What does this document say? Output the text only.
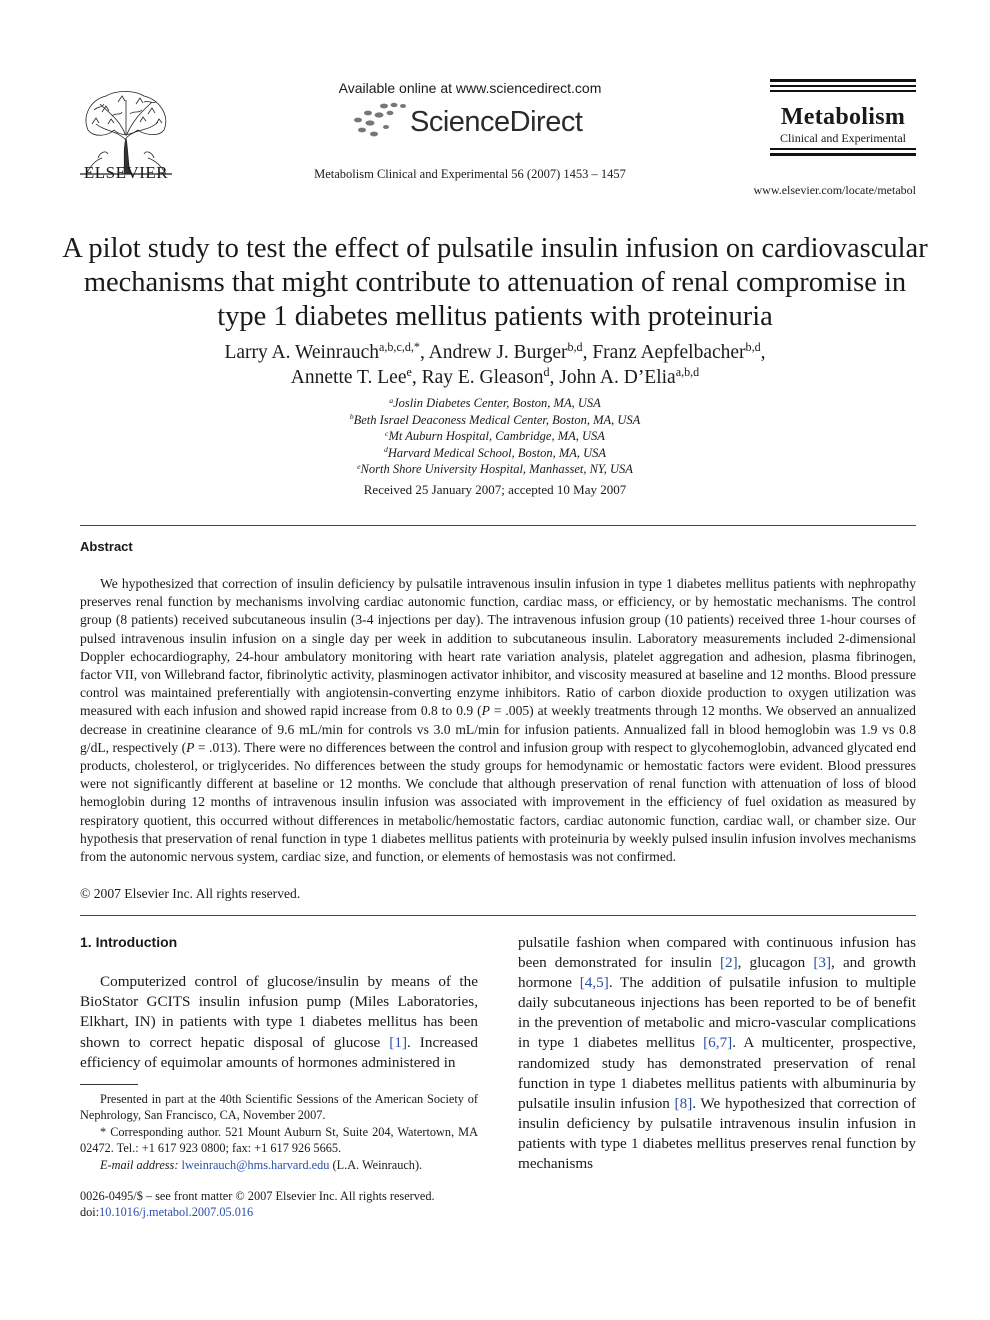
ELSEVIER
Available online at www.sciencedirect.com
ScienceDirect
Metabolism Clinical and Experimental 56 (2007) 1453 – 1457
Metabolism
Clinical and Experimental
www.elsevier.com/locate/metabol
A pilot study to test the effect of pulsatile insulin infusion on cardiovascular mechanisms that might contribute to attenuation of renal compromise in type 1 diabetes mellitus patients with proteinuria
Larry A. Weinrauch$^{a,b,c,d,*}$, Andrew J. Burger$^{b,d}$, Franz Aepfelbacher$^{b,d}$,
Annette T. Lee$^e$, Ray E. Gleason$^d$, John A. D’Elia$^{a,b,d}$
$^a$Joslin Diabetes Center, Boston, MA, USA
$^b$Beth Israel Deaconess Medical Center, Boston, MA, USA
$^c$Mt Auburn Hospital, Cambridge, MA, USA
$^d$Harvard Medical School, Boston, MA, USA
$^e$North Shore University Hospital, Manhasset, NY, USA
Received 25 January 2007; accepted 10 May 2007
Abstract
We hypothesized that correction of insulin deficiency by pulsatile intravenous insulin infusion in type 1 diabetes mellitus patients with nephropathy preserves renal function by mechanisms involving cardiac autonomic function, cardiac mass, or efficiency, or by hemostatic mechanisms. The control group (8 patients) received subcutaneous insulin (3-4 injections per day). The intravenous infusion group (10 patients) received three 1-hour courses of pulsed intravenous insulin infusion on a single day per week in addition to subcutaneous insulin. Laboratory measurements included 2-dimensional Doppler echocardiography, 24-hour ambulatory monitoring with heart rate variation analysis, platelet aggregation and adhesion, plasma fibrinogen, factor VII, von Willebrand factor, fibrinolytic activity, plasminogen activator inhibitor, and viscosity measured at baseline and 12 months. Blood pressure control was maintained preferentially with angiotensin-converting enzyme inhibitors. Ratio of carbon dioxide production to oxygen utilization was measured with each infusion and showed rapid increase from 0.8 to 0.9 (P = .005) at weekly treatments through 12 months. We observed an annualized decrease in creatinine clearance of 9.6 mL/min for controls vs 3.0 mL/min for infusion patients. Annualized fall in blood hemoglobin was 1.9 vs 0.8 g/dL, respectively (P = .013). There were no differences between the control and infusion group with respect to glycohemoglobin, advanced glycated end products, cholesterol, or triglycerides. No differences between the study groups for hemodynamic or hemostatic factors were evident. Blood pressures were not significantly different at baseline or 12 months. We conclude that although preservation of renal function with attenuation of loss of blood hemoglobin during 12 months of intravenous insulin infusion was associated with improvement in the efficiency of fuel oxidation as measured by respiratory quotient, this occurred without differences in metabolic/hemostatic factors, cardiac autonomic function, cardiac wall, or chamber size. Our hypothesis that preservation of renal function in type 1 diabetes mellitus patients with proteinuria by weekly pulsed insulin infusion involves mechanisms from the autonomic nervous system, cardiac size, and function, or elements of hemostasis was not confirmed.
© 2007 Elsevier Inc. All rights reserved.
1. Introduction
Computerized control of glucose/insulin by means of the BioStator GCITS insulin infusion pump (Miles Laboratories, Elkhart, IN) in patients with type 1 diabetes mellitus has been shown to correct hepatic disposal of glucose [1]. Increased efficiency of equimolar amounts of hormones administered in
Presented in part at the 40th Scientific Sessions of the American Society of Nephrology, San Francisco, CA, November 2007.
* Corresponding author. 521 Mount Auburn St, Suite 204, Watertown, MA 02472. Tel.: +1 617 923 0800; fax: +1 617 926 5665.
E-mail address: lweinrauch@hms.harvard.edu (L.A. Weinrauch).
0026-0495/$ – see front matter © 2007 Elsevier Inc. All rights reserved.
doi:10.1016/j.metabol.2007.05.016
pulsatile fashion when compared with continuous infusion has been demonstrated for insulin [2], glucagon [3], and growth hormone [4,5]. The addition of pulsatile infusion to multiple daily subcutaneous injections has been reported to be of benefit in the prevention of metabolic and micro-vascular complications in type 1 diabetes mellitus [6,7]. A multicenter, prospective, randomized study has demonstrated preservation of renal function in type 1 diabetes mellitus patients with albuminuria by pulsatile insulin infusion [8]. We hypothesized that correction of insulin deficiency by pulsatile intravenous insulin infusion in patients with type 1 diabetes mellitus preserves renal function by mechanisms
